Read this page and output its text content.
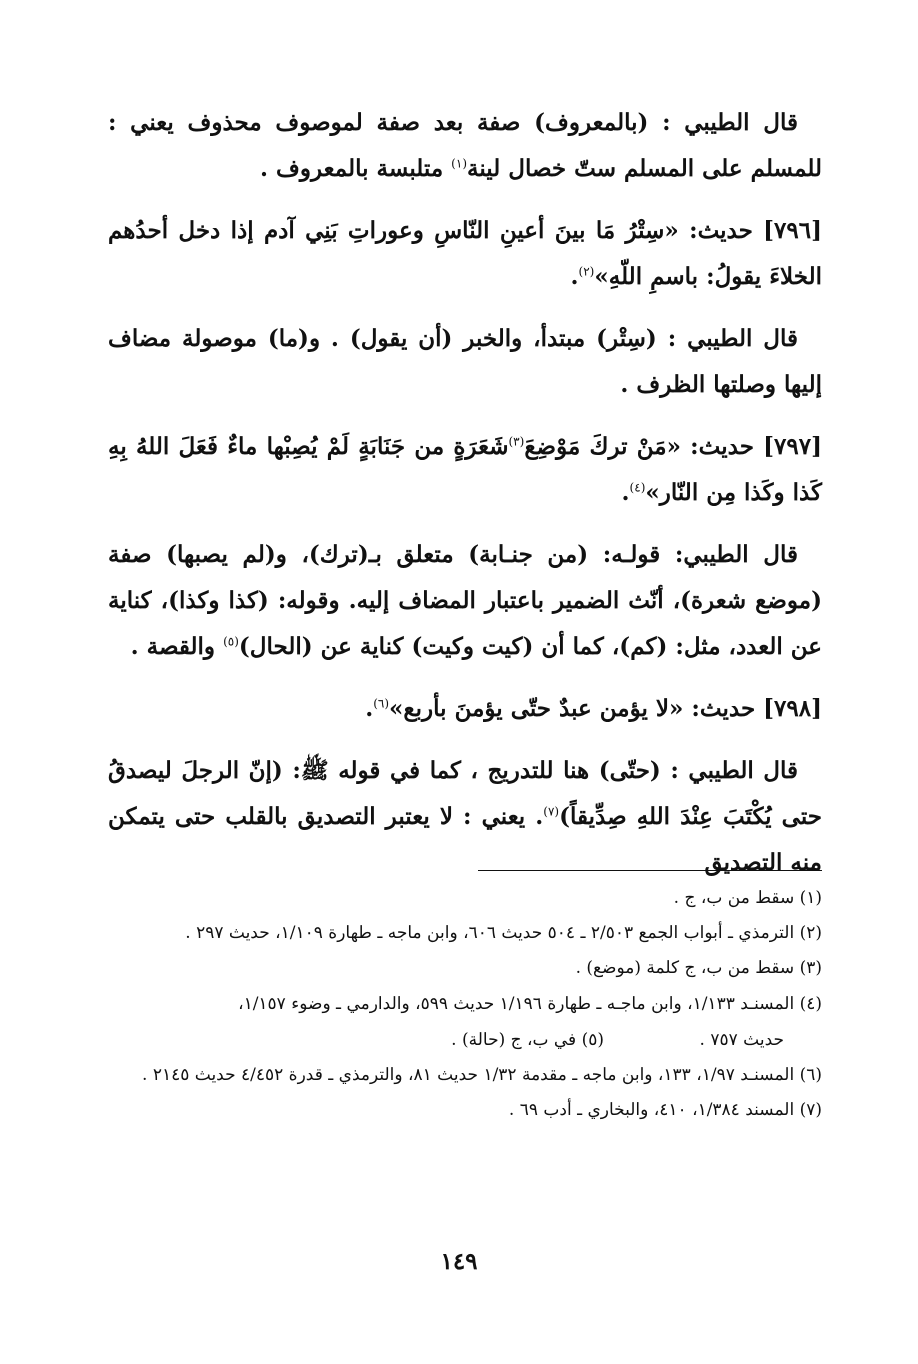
قال الطيبي : (بالمعروف) صفة بعد صفة لموصوف محذوف يعني : للمسلم على المسلم ستّ خصال لينة$^{(١)}$ متلبسة بالمعروف .

[٧٩٦] حديث: «سِتْرُ مَا بينَ أعينِ النّاسِ وعوراتِ بَنِي آدم إذا دخل أحدُهم الخلاءَ يقولُ: باسمِ اللّهِ»$^{(٢)}$.

قال الطيبي : (سِتْر) مبتدأ، والخبر (أن يقول) . و(ما) موصولة مضاف إليها وصلتها الظرف .

[٧٩٧] حديث: «مَنْ تركَ مَوْضِعَ$^{(٣)}$شَعَرَةٍ من جَنَابَةٍ لَمْ يُصِبْها ماءٌ فَعَلَ اللهُ بِهِ كَذا وكَذا مِن النّار»$^{(٤)}$.

قال الطيبي: قولـه: (من جنـابة) متعلق بـ(ترك)، و(لم يصبها) صفة (موضع شعرة)، أنّث الضمير باعتبار المضاف إليه. وقوله: (كذا وكذا)، كناية عن العدد، مثل: (كم)، كما أن (كيت وكيت) كناية عن (الحال)$^{(٥)}$ والقصة .

[٧٩٨] حديث: «لا يؤمن عبدٌ حتّى يؤمنَ بأربع»$^{(٦)}$.

قال الطيبي : (حتّى) هنا للتدريج ، كما في قوله ﷺ: (إنّ الرجلَ ليصدقُ حتى يُكْتَبَ عِنْدَ اللهِ صِدِّيقاً)$^{(٧)}$. يعني : لا يعتبر التصديق بالقلب حتى يتمكن منه التصديق

(١) سقط من ب، ج .

(٢) الترمذي ـ أبواب الجمع ٢/٥٠٣ ـ ٥٠٤ حديث ٦٠٦، وابن ماجه ـ طهارة ١/١٠٩، حديث ٢٩٧ .

(٣) سقط من ب، ج كلمة (موضع) .

(٤) المسنـد ١/١٣٣، وابن ماجـه ـ طهارة ١/١٩٦ حديث ٥٩٩، والدارمي ـ وضوء ١/١٥٧،

حديث ٧٥٧ .
(٥) في ب، ج (حالة) .

(٦) المسنـد ١/٩٧، ١٣٣، وابن ماجه ـ مقدمة ١/٣٢ حديث ٨١، والترمذي ـ قدرة ٤/٤٥٢ حديث ٢١٤٥ .

(٧) المسند ١/٣٨٤، ٤١٠، والبخاري ـ أدب ٦٩ .

١٤٩
